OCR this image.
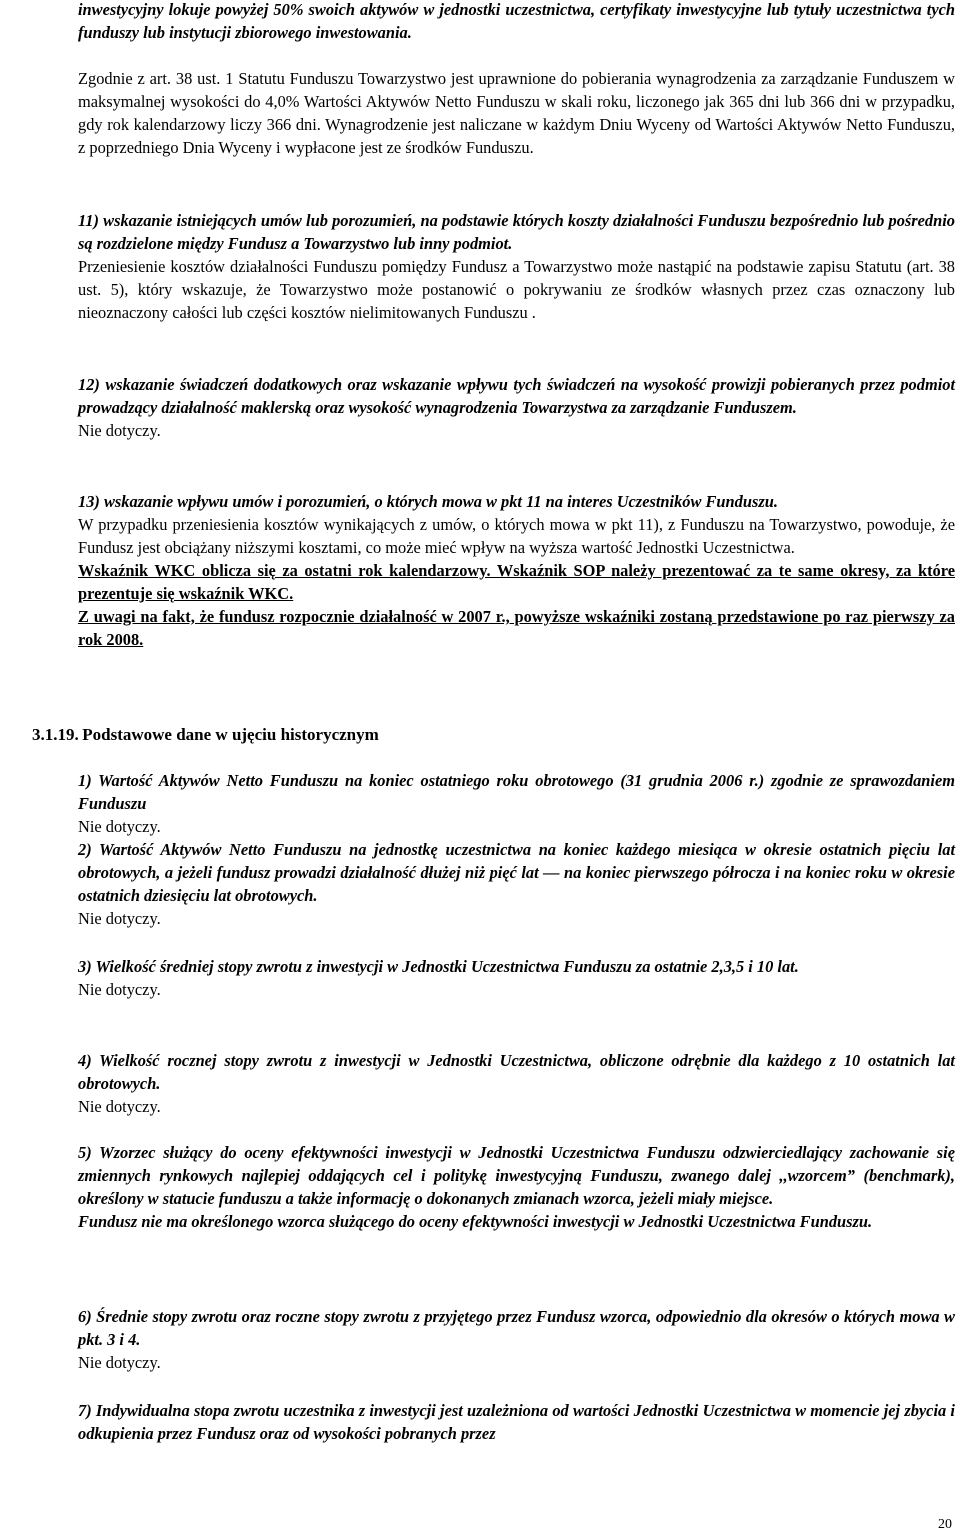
inwestycyjny lokuje powyżej 50% swoich aktywów w jednostki uczestnictwa, certyfikaty inwestycyjne lub tytuły uczestnictwa tych funduszy lub instytucji zbiorowego inwestowania.

Zgodnie z art. 38 ust. 1 Statutu Funduszu Towarzystwo jest uprawnione do pobierania wynagrodzenia za zarządzanie Funduszem w maksymalnej wysokości do 4,0% Wartości Aktywów Netto Funduszu w skali roku, liczonego jak 365 dni lub 366 dni w przypadku, gdy rok kalendarzowy liczy 366 dni. Wynagrodzenie jest naliczane w każdym Dniu Wyceny od Wartości Aktywów Netto Funduszu, z poprzedniego Dnia Wyceny i wypłacone jest ze środków Funduszu.

11) wskazanie istniejących umów lub porozumień, na podstawie których koszty działalności Funduszu bezpośrednio lub pośrednio są rozdzielone między Fundusz a Towarzystwo lub inny podmiot.

Przeniesienie kosztów działalności Funduszu pomiędzy Fundusz a Towarzystwo może nastąpić na podstawie zapisu Statutu (art. 38 ust. 5), który wskazuje, że Towarzystwo może postanowić o pokrywaniu ze środków własnych przez czas oznaczony lub nieoznaczony całości lub części kosztów nielimitowanych Funduszu .

12) wskazanie świadczeń dodatkowych oraz wskazanie wpływu tych świadczeń na wysokość prowizji pobieranych przez podmiot prowadzący działalność maklerską oraz wysokość wynagrodzenia Towarzystwa za zarządzanie Funduszem.

Nie dotyczy.

13) wskazanie wpływu umów i porozumień, o których mowa w pkt 11 na interes Uczestników Funduszu.

W przypadku przeniesienia kosztów wynikających z umów, o których mowa w pkt 11), z Funduszu na Towarzystwo, powoduje, że Fundusz jest obciążany niższymi kosztami, co może mieć wpływ na wyższa wartość Jednostki Uczestnictwa.

Wskaźnik WKC oblicza się za ostatni rok kalendarzowy. Wskaźnik SOP należy prezentować za te same okresy, za które prezentuje się wskaźnik WKC.

Z uwagi na fakt, że fundusz rozpocznie działalność w 2007 r., powyższe wskaźniki zostaną przedstawione po raz pierwszy za rok 2008.

3.1.19. Podstawowe dane w ujęciu historycznym

1) Wartość Aktywów Netto Funduszu na koniec ostatniego roku obrotowego (31 grudnia 2006 r.) zgodnie ze sprawozdaniem Funduszu

Nie dotyczy.

2) Wartość Aktywów Netto Funduszu na jednostkę uczestnictwa na koniec każdego miesiąca w okresie ostatnich pięciu lat obrotowych, a jeżeli fundusz prowadzi działalność dłużej niż pięć lat — na koniec pierwszego półrocza i na koniec roku w okresie ostatnich dziesięciu lat obrotowych.

Nie dotyczy.

3) Wielkość średniej stopy zwrotu z inwestycji w Jednostki Uczestnictwa Funduszu za ostatnie 2,3,5 i 10 lat.

Nie dotyczy.

4) Wielkość rocznej stopy zwrotu z inwestycji w Jednostki Uczestnictwa, obliczone odrębnie dla każdego z 10 ostatnich lat obrotowych.

Nie dotyczy.

5) Wzorzec służący do oceny efektywności inwestycji w Jednostki Uczestnictwa Funduszu odzwierciedlający zachowanie się zmiennych rynkowych najlepiej oddających cel i politykę inwestycyjną Funduszu, zwanego dalej ,,wzorcem” (benchmark), określony w statucie funduszu a także informację o dokonanych zmianach wzorca, jeżeli miały miejsce.

Fundusz nie ma określonego wzorca służącego do oceny efektywności inwestycji w Jednostki Uczestnictwa Funduszu.

6) Średnie stopy zwrotu oraz roczne stopy zwrotu z przyjętego przez Fundusz wzorca, odpowiednio dla okresów o których mowa w pkt. 3 i 4.

Nie dotyczy.

7) Indywidualna stopa zwrotu uczestnika z inwestycji jest uzależniona od wartości Jednostki Uczestnictwa w momencie jej zbycia i odkupienia przez Fundusz oraz od wysokości pobranych przez

20
